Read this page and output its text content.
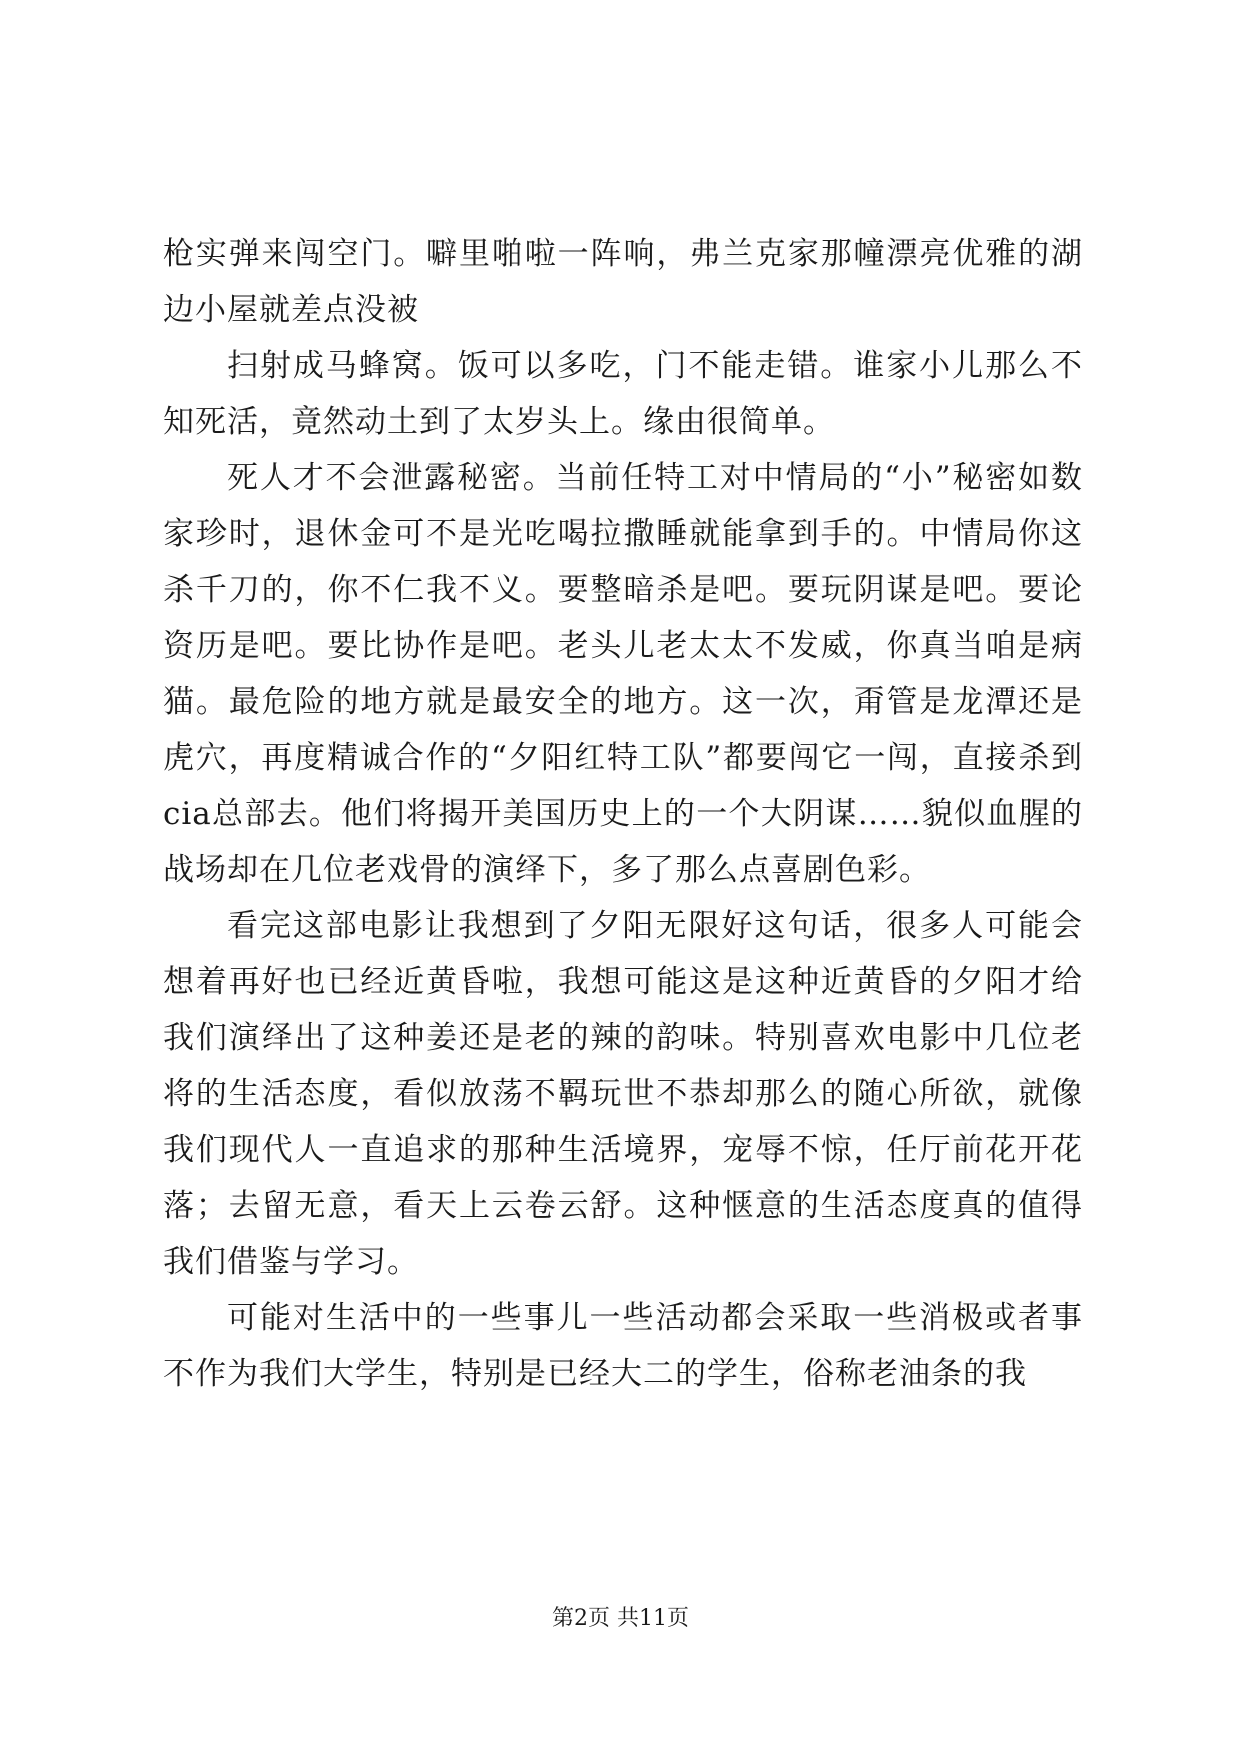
枪实弹来闯空门。噼里啪啦一阵响，弗兰克家那幢漂亮优雅的湖边小屋就差点没被

扫射成马蜂窝。饭可以多吃，门不能走错。谁家小儿那么不知死活，竟然动土到了太岁头上。缘由很简单。

死人才不会泄露秘密。当前任特工对中情局的“小”秘密如数家珍时，退休金可不是光吃喝拉撒睡就能拿到手的。中情局你这杀千刀的，你不仁我不义。要整暗杀是吧。要玩阴谋是吧。要论资历是吧。要比协作是吧。老头儿老太太不发威，你真当咱是病猫。最危险的地方就是最安全的地方。这一次，甭管是龙潭还是虎穴，再度精诚合作的“夕阳红特工队”都要闯它一闯，直接杀到cia总部去。他们将揭开美国历史上的一个大阴谋……貌似血腥的战场却在几位老戏骨的演绎下，多了那么点喜剧色彩。

看完这部电影让我想到了夕阳无限好这句话，很多人可能会想着再好也已经近黄昏啦，我想可能这是这种近黄昏的夕阳才给我们演绎出了这种姜还是老的辣的韵味。特别喜欢电影中几位老将的生活态度，看似放荡不羁玩世不恭却那么的随心所欲，就像我们现代人一直追求的那种生活境界，宠辱不惊，任厅前花开花落；去留无意，看天上云卷云舒。这种惬意的生活态度真的值得我们借鉴与学习。

可能对生活中的一些事儿一些活动都会采取一些消极或者事不作为我们大学生，特别是已经大二的学生，俗称老油条的我

第2页 共11页
